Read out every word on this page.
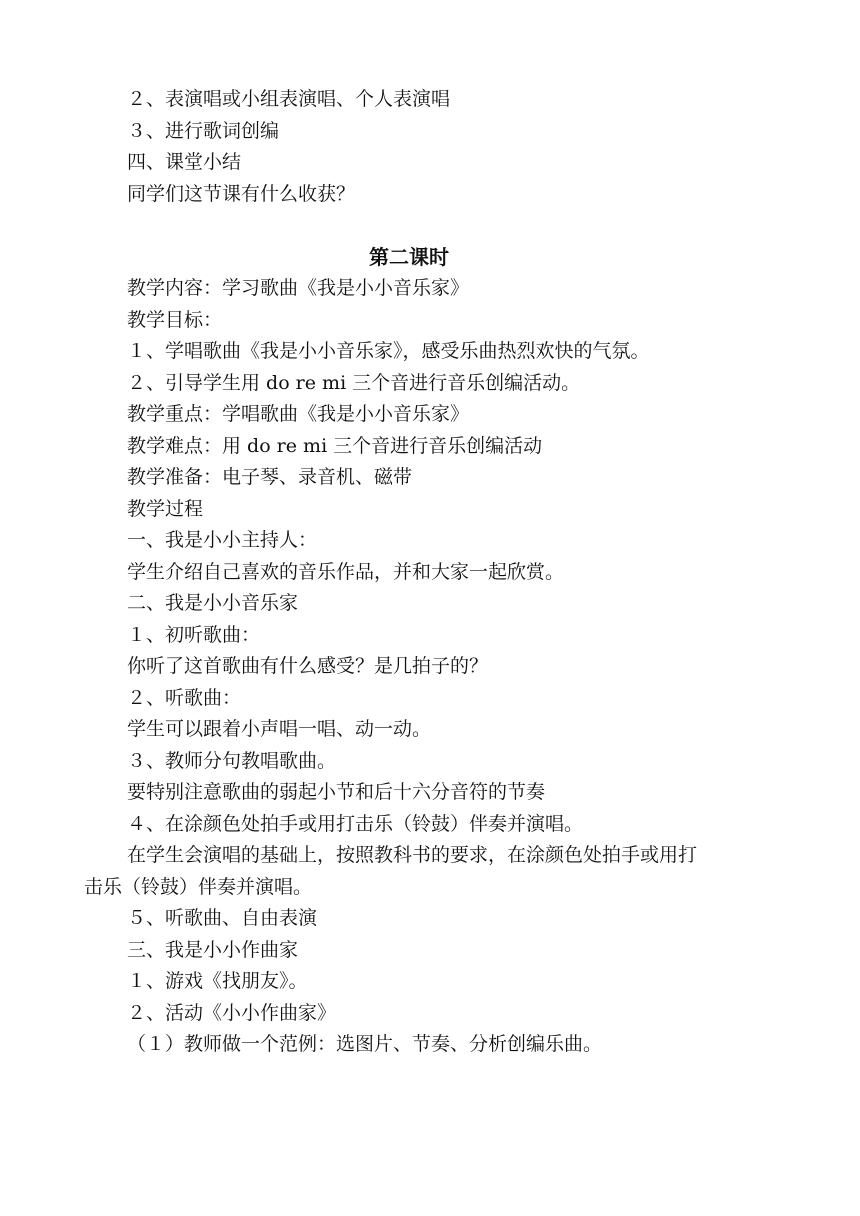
２、表演唱或小组表演唱、个人表演唱
３、进行歌词创编
四、课堂小结
同学们这节课有什么收获？
第二课时
教学内容：学习歌曲《我是小小音乐家》
教学目标：
１、学唱歌曲《我是小小音乐家》，感受乐曲热烈欢快的气氛。
２、引导学生用 do re mi 三个音进行音乐创编活动。
教学重点：学唱歌曲《我是小小音乐家》
教学难点：用 do re mi 三个音进行音乐创编活动
教学准备：电子琴、录音机、磁带
教学过程
一、我是小小主持人：
学生介绍自己喜欢的音乐作品，并和大家一起欣赏。
二、我是小小音乐家
１、初听歌曲：
你听了这首歌曲有什么感受？是几拍子的？
２、听歌曲：
学生可以跟着小声唱一唱、动一动。
３、教师分句教唱歌曲。
要特别注意歌曲的弱起小节和后十六分音符的节奏
４、在涂颜色处拍手或用打击乐（铃鼓）伴奏并演唱。
在学生会演唱的基础上，按照教科书的要求，在涂颜色处拍手或用打击乐（铃鼓）伴奏并演唱。
５、听歌曲、自由表演
三、我是小小作曲家
１、游戏《找朋友》。
２、活动《小小作曲家》
（１）教师做一个范例：选图片、节奏、分析创编乐曲。
